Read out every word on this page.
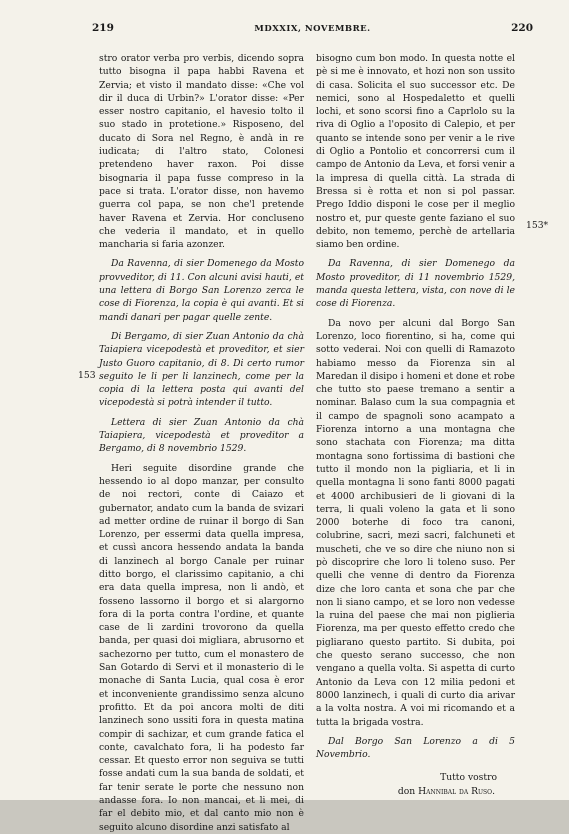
219	MDXXIX, NOVEMBRE.	220
153
153*

stro orator verba pro verbis, dicendo sopra tutto bisogna il papa habbi Ravena et Zervia; et visto il mandato disse: «Che vol dir il duca di Urbin?» L'orator disse: «Per esser nostro capitanio, el havesio tolto il suo stado in protetione.» Risposeno, del ducato di Sora nel Regno, è andà in re iudicata; di l'altro stato, Colonesi pretendeno haver raxon. Poi disse bisognaria il papa fusse compreso in la pace si trata. L'orator disse, non havemo guerra col papa, se non che'l pretende haver Ravena et Zervia. Hor concluseno che vederia il mandato, et in quello mancharia si faria azonzer.

Da Ravenna, di sier Domenego da Mosto provveditor, di 11. Con alcuni avisi hauti, et una lettera di Borgo San Lorenzo zerca le cose di Fiorenza, la copia è qui avanti. Et si mandi danari per pagar quelle zente.

Di Bergamo, di sier Zuan Antonio da chà Taiapiera vicepodestà et proveditor, et sier Justo Guoro capitanio, di 8. Di certo rumor seguito le li per li lanzinech, come per la copia di la lettera posta qui avanti del vicepodestà si potrà intender il tutto.

Lettera di sier Zuan Antonio da chà Taiapiera, vicepodestà et proveditor a Bergamo, di 8 novembrio 1529.

Heri seguite disordine grande che hessendo io al dopo manzar, per consulto de noi rectori, conte di Caiazo et gubernator, andato cum la banda de svizari ad metter ordine de ruinar il borgo di San Lorenzo, per essermi data quella impresa, et cussì ancora hessendo andata la banda di lanzinech al borgo Canale per ruinar ditto borgo, el clarissimo capitanio, a chi era data quella impresa, non li andò, et fosseno lassorno il borgo et si alargorno fora di la porta contra l'ordine, et quante case de li zardini trovorono da quella banda, per quasi doi migliara, abrusorno et sachezorno per tutto, cum el monastero de San Gotardo di Servi et il monasterio di le monache di Santa Lucia, qual cosa è eror et inconveniente grandissimo senza alcuno profitto. Et da poi ancora molti de diti lanzinech sono ussiti fora in questa matina compir di sachizar, et cum grande fatica el conte, cavalchato fora, li ha podesto far cessar. Et questo error non seguiva se tutti fosse andati cum la sua banda de soldati, et far tenir serate le porte che nessuno non andasse fora. Io non mancai, et li mei, di far el debito mio, et dal canto mio non è seguito alcuno disordine anzi satisfato al

bisogno cum bon modo. In questa notte el pè si me è innovato, et hozi non son ussito di casa. Solicita el suo successor etc. De nemici, sono al Hospedaletto et quelli lochi, et sono scorsi fino a Caprlolo su la riva di Oglio a l'oposito di Calepio, et per quanto se intende sono per venir a le rive di Oglio a Pontolio et concorrersi cum il campo de Antonio da Leva, et forsi venir a la impresa di quella città. La strada di Bressa si è rotta et non si pol passar. Prego Iddio disponi le cose per il meglio nostro et, pur queste gente faziano el suo debito, non tememo, perchè de artellaria siamo ben ordine.

Da Ravenna, di sier Domenego da Mosto proveditor, di 11 novembrio 1529, manda questa lettera, vista, con nove di le cose di Fiorenza.

Da novo per alcuni dal Borgo San Lorenzo, loco fiorentino, si ha, come qui sotto vederai. Noi con quelli di Ramazoto habiamo messo da Fiorenza sin al Maredan il disipo i homeni et done et robe che tutto sto paese tremano a sentir a nominar. Balaso cum la sua compagnia et il campo de spagnoli sono acampato a Fiorenza intorno a una montagna che sono stachata con Fiorenza; ma ditta montagna sono fortissima di bastioni che tutto il mondo non la pigliaria, et li in quella montagna li sono fanti 8000 pagati et 4000 archibusieri de li giovani di la terra, li quali voleno la gata et li sono 2000 boterhe di foco tra canoni, colubrine, sacri, mezi sacri, falchuneti et muscheti, che ve so dire che niuno non si pò discoprire che loro li toleno suso. Per quelli che venne di dentro da Fiorenza dize che loro canta et sona che par che non li siano campo, et se loro non vedesse la ruina del paese che mai non piglieria Fiorenza, ma per questo effetto credo che pigliarano questo partito. Si dubita, poi che questo serano successo, che non vengano a quella volta. Si aspetta di curto Antonio da Leva con 12 milia pedoni et 8000 lanzinech, i quali di curto dia arivar a la volta nostra. A voi mi ricomando et a tutta la brigada vostra.

Dal Borgo San Lorenzo a di 5 Novembrio.

Tutto vostro
don Hannibal da Ruso.
